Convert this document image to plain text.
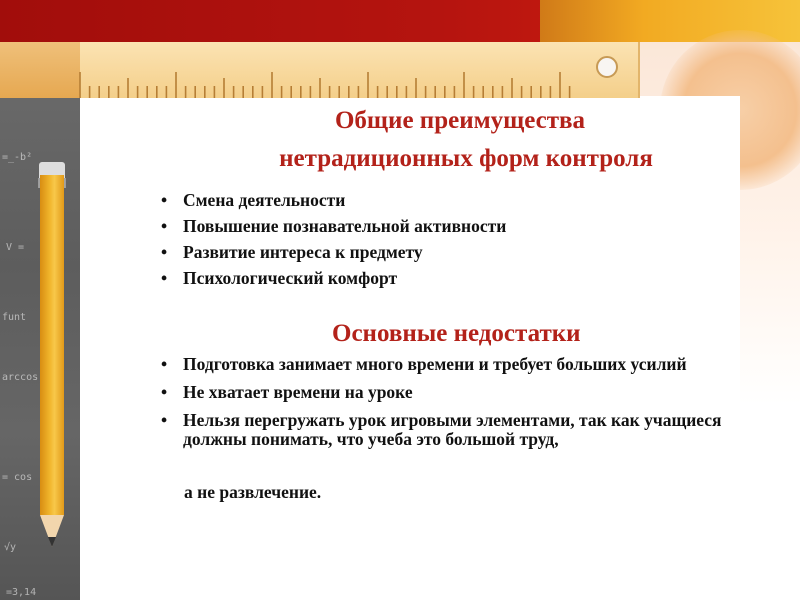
=_-b²
V =
funt
arccos
= cos
√y
=3,14
Общие преимущества

нетрадиционных форм контроля
• Смена деятельности
• Повышение познавательной активности
• Развитие интереса к предмету
• Психологический комфорт
Основные недостатки
• Подготовка занимает много времени и требует больших усилий
• Не хватает времени на уроке
• Нельзя перегружать урок игровыми элементами, так как учащиеся должны понимать, что учеба это большой труд,
а не развлечение.
